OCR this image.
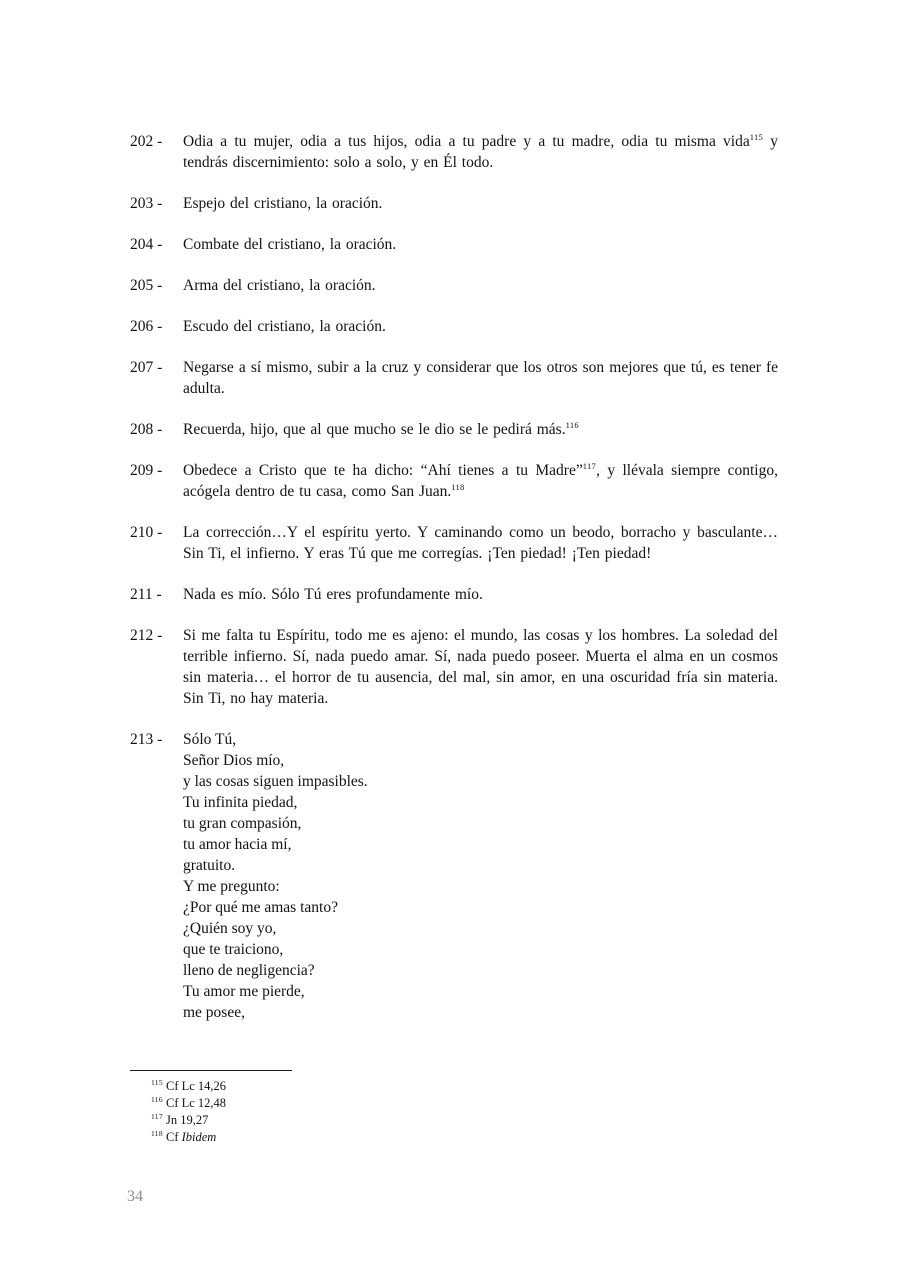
202 -	Odia a tu mujer, odia a tus hijos, odia a tu padre y a tu madre, odia tu misma vida$^{115}$ y tendrás discernimiento: solo a solo, y en Él todo.
203 -	Espejo del cristiano, la oración.
204 -	Combate del cristiano, la oración.
205 -	Arma del cristiano, la oración.
206 -	Escudo del cristiano, la oración.
207 -	Negarse a sí mismo, subir a la cruz y considerar que los otros son mejores que tú, es tener fe adulta.
208 -	Recuerda, hijo, que al que mucho se le dio se le pedirá más.$^{116}$
209 -	Obedece a Cristo que te ha dicho: “Ahí tienes a tu Madre”$^{117}$, y llévala siempre contigo, acógela dentro de tu casa, como San Juan.$^{118}$
210 -	La corrección…Y el espíritu yerto. Y caminando como un beodo, borracho y basculante… Sin Ti, el infierno. Y eras Tú que me corregías. ¡Ten piedad! ¡Ten piedad!
211 -	Nada es mío. Sólo Tú eres profundamente mío.
212 -	Si me falta tu Espíritu, todo me es ajeno: el mundo, las cosas y los hombres. La soledad del terrible infierno. Sí, nada puedo amar. Sí, nada puedo poseer. Muerta el alma en un cosmos sin materia… el horror de tu ausencia, del mal, sin amor, en una oscuridad fría sin materia. Sin Ti, no hay materia.
213 -	Sólo Tú,
Señor Dios mío,
y las cosas siguen impasibles.
Tu infinita piedad,
tu gran compasión,
tu amor hacia mí,
gratuito.
Y me pregunto:
¿Por qué me amas tanto?
¿Quién soy yo,
que te traiciono,
lleno de negligencia?
Tu amor me pierde,
me posee,
$^{115}$ Cf Lc 14,26
$^{116}$ Cf Lc 12,48
$^{117}$ Jn 19,27
$^{118}$ Cf Ibidem
34
